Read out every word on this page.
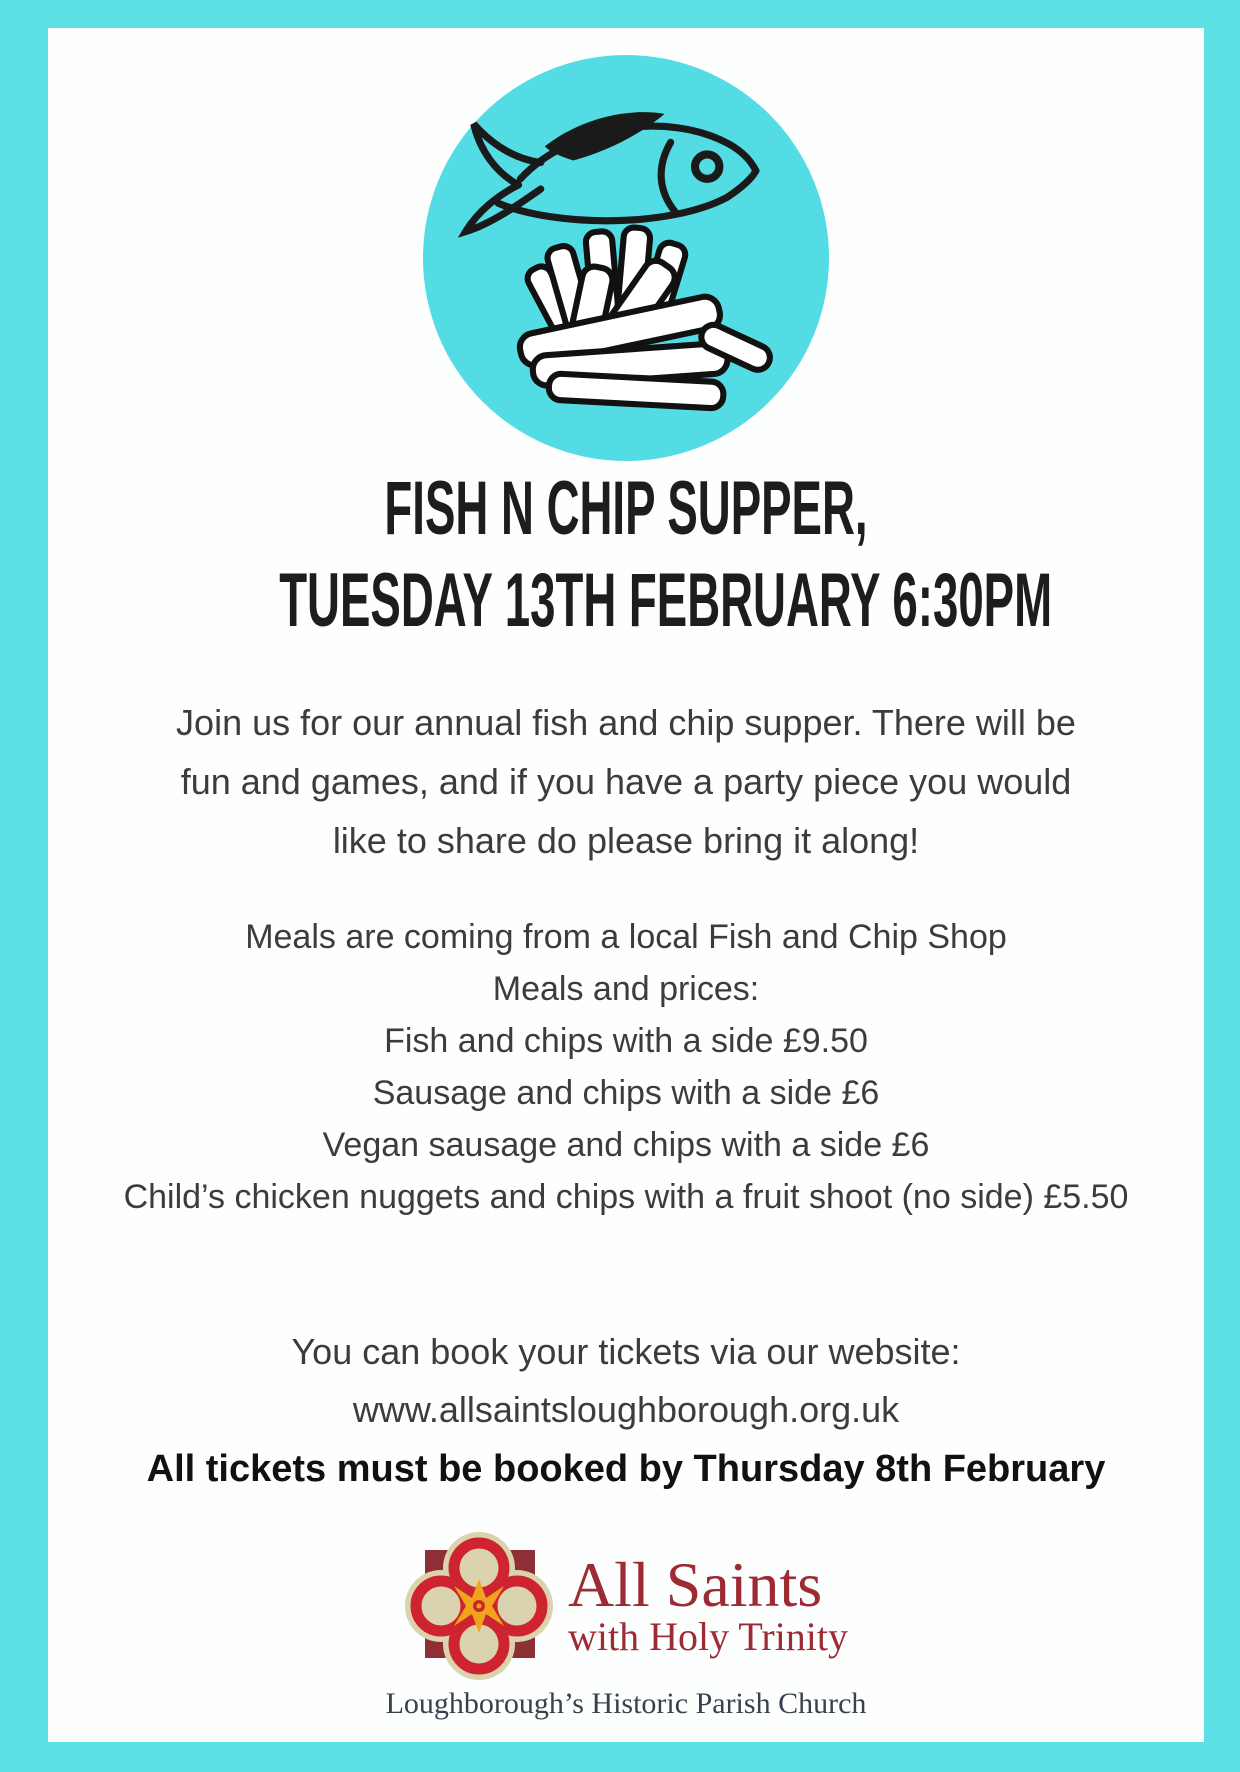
FISH N CHIP SUPPER,
TUESDAY 13TH FEBRUARY 6:30PM
Join us for our annual fish and chip supper. There will be
fun and games, and if you have a party piece you would
like to share do please bring it along!
Meals are coming from a local Fish and Chip Shop
Meals and prices:
Fish and chips with a side £9.50
Sausage and chips with a side £6
Vegan sausage and chips with a side £6
Child’s chicken nuggets and chips with a fruit shoot (no side) £5.50
You can book your tickets via our website:
www.allsaintsloughborough.org.uk
All tickets must be booked by Thursday 8th February
All Saints
with Holy Trinity
Loughborough’s Historic Parish Church
